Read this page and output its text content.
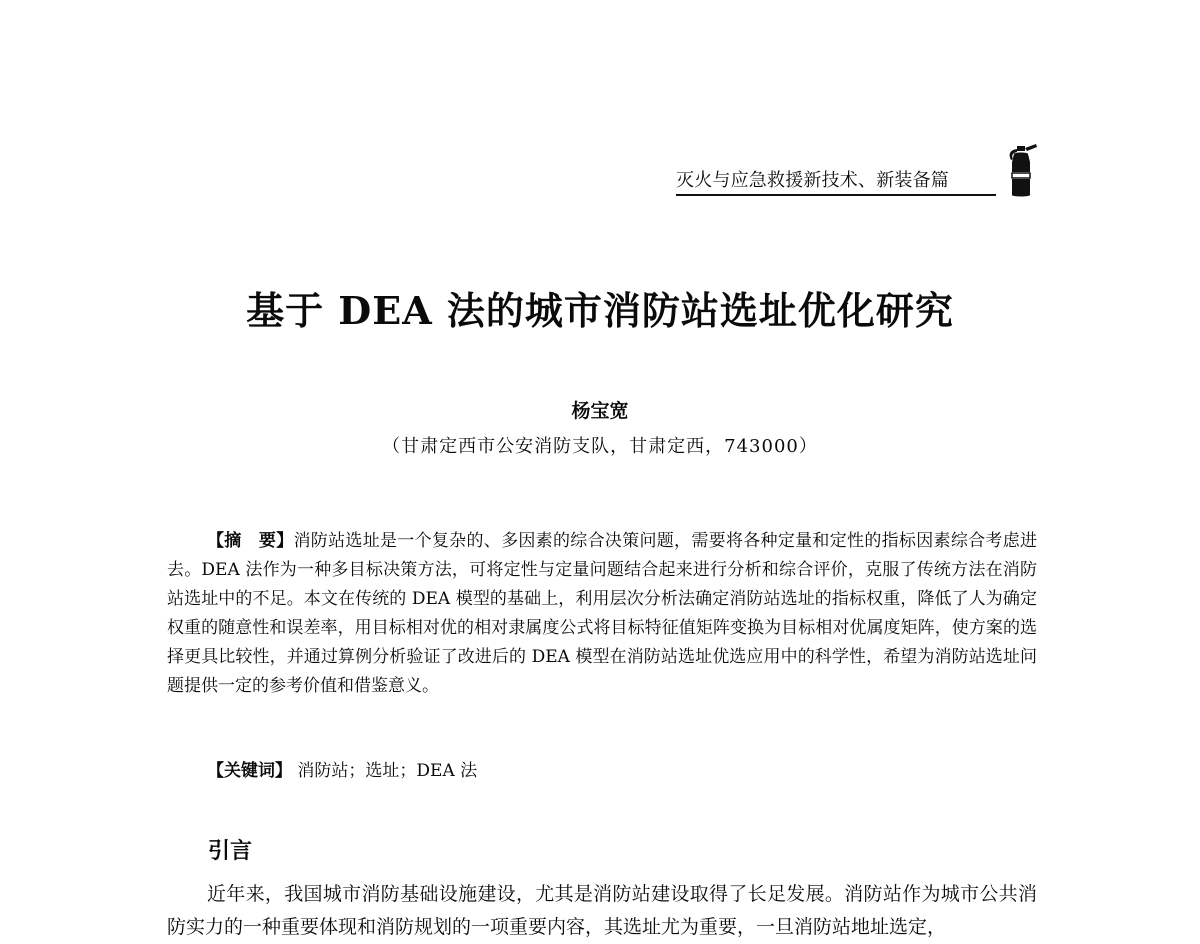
灭火与应急救援新技术、新装备篇
基于 DEA 法的城市消防站选址优化研究
杨宝宽
（甘肃定西市公安消防支队，甘肃定西，743000）

【摘　要】消防站选址是一个复杂的、多因素的综合决策问题，需要将各种定量和定性的指标因素综合考虑进去。DEA 法作为一种多目标决策方法，可将定性与定量问题结合起来进行分析和综合评价，克服了传统方法在消防站选址中的不足。本文在传统的 DEA 模型的基础上，利用层次分析法确定消防站选址的指标权重，降低了人为确定权重的随意性和误差率，用目标相对优的相对隶属度公式将目标特征值矩阵变换为目标相对优属度矩阵，使方案的选择更具比较性，并通过算例分析验证了改进后的 DEA 模型在消防站选址优选应用中的科学性，希望为消防站选址问题提供一定的参考价值和借鉴意义。

【关键词】 消防站；选址；DEA 法
引言

近年来，我国城市消防基础设施建设，尤其是消防站建设取得了长足发展。消防站作为城市公共消防实力的一种重要体现和消防规划的一项重要内容，其选址尤为重要，一旦消防站地址选定，
